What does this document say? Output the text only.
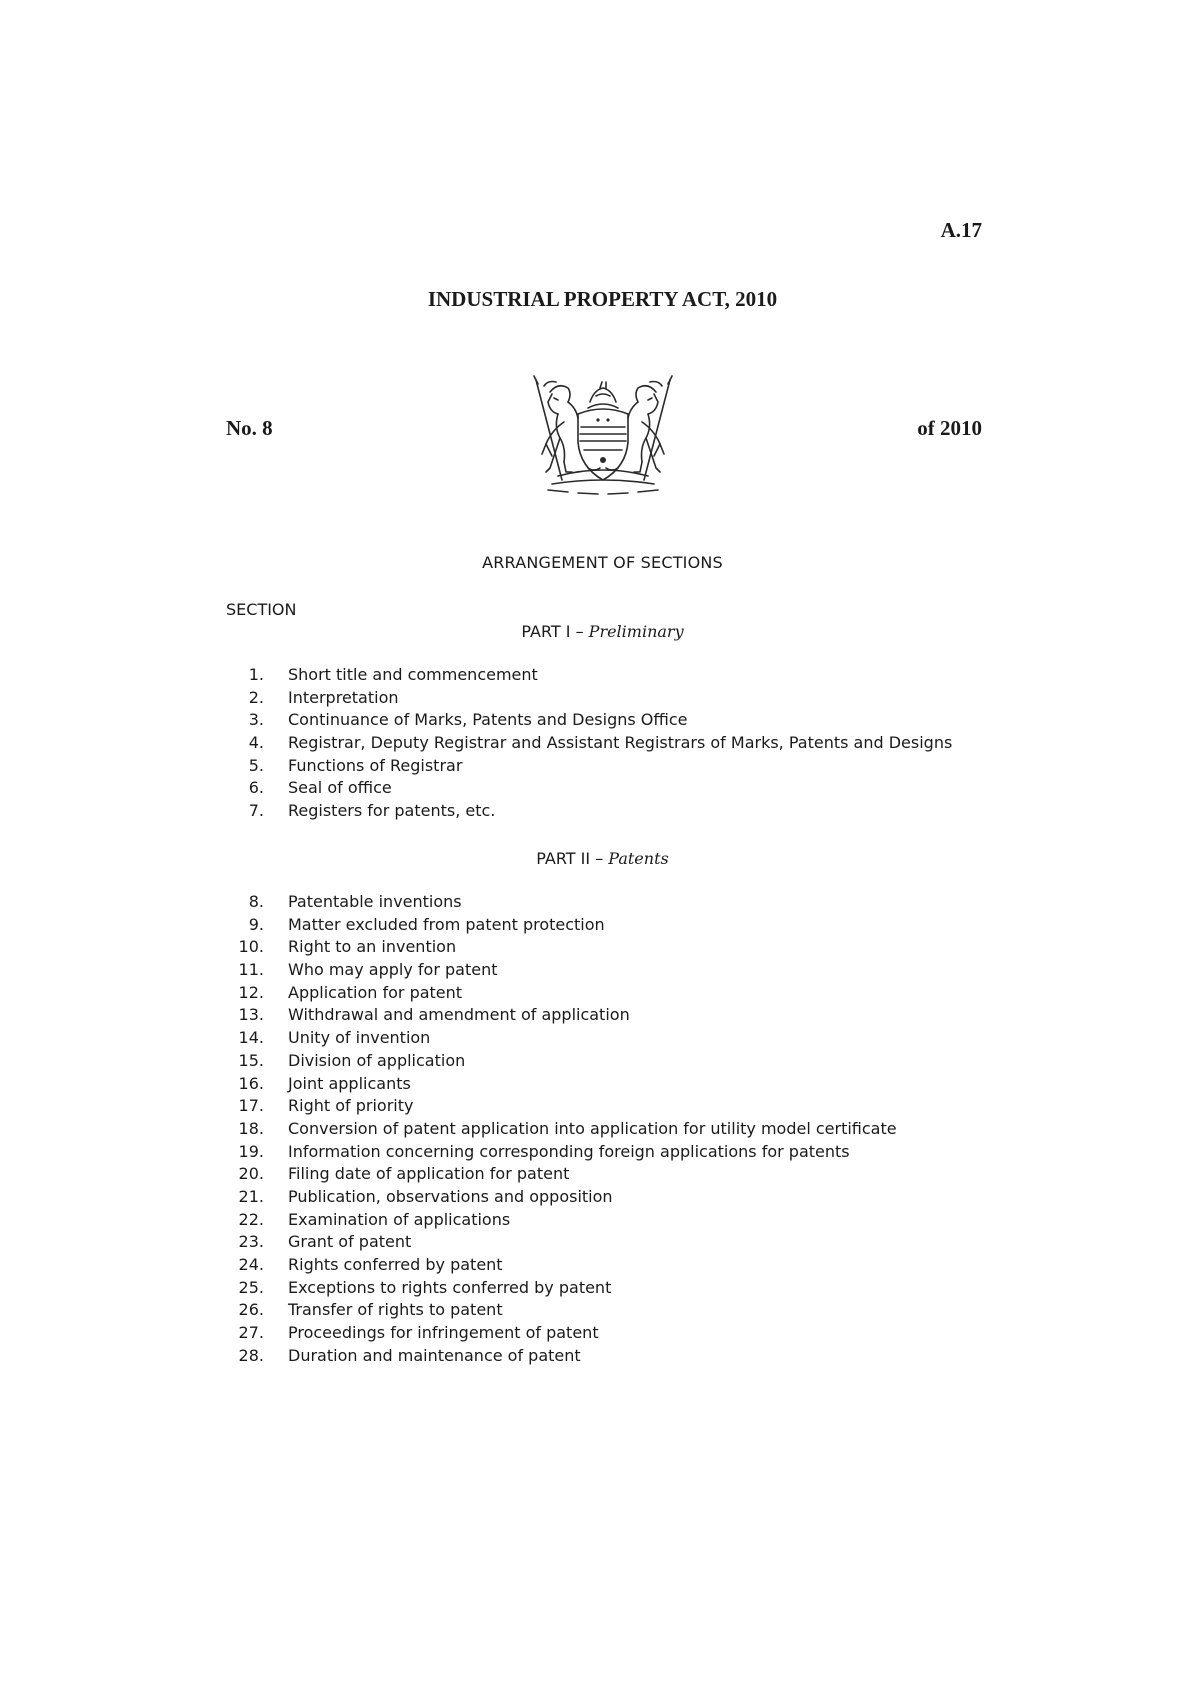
A.17
INDUSTRIAL PROPERTY ACT, 2010
No. 8	of 2010
ARRANGEMENT OF SECTIONS
SECTION
PART I – Preliminary
1. Short title and commencement
2. Interpretation
3. Continuance of Marks, Patents and Designs Office
4. Registrar, Deputy Registrar and Assistant Registrars of Marks, Patents and Designs
5. Functions of Registrar
6. Seal of office
7. Registers for patents, etc.
PART II – Patents
8. Patentable inventions
9. Matter excluded from patent protection
10. Right to an invention
11. Who may apply for patent
12. Application for patent
13. Withdrawal and amendment of application
14. Unity of invention
15. Division of application
16. Joint applicants
17. Right of priority
18. Conversion of patent application into application for utility model certificate
19. Information concerning corresponding foreign applications for patents
20. Filing date of application for patent
21. Publication, observations and opposition
22. Examination of applications
23. Grant of patent
24. Rights conferred by patent
25. Exceptions to rights conferred by patent
26. Transfer of rights to patent
27. Proceedings for infringement of patent
28. Duration and maintenance of patent
